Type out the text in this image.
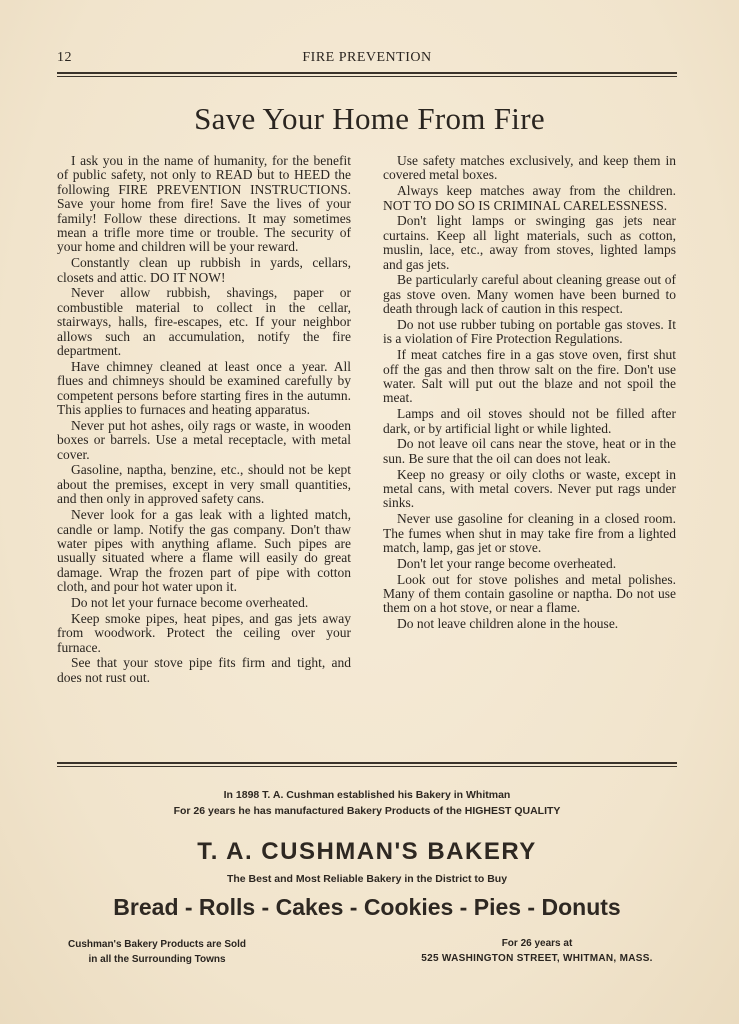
12	FIRE PREVENTION
Save Your Home From Fire

I ask you in the name of humanity, for the benefit of public safety, not only to READ but to HEED the following FIRE PREVENTION INSTRUCTIONS. Save your home from fire! Save the lives of your family! Follow these directions. It may sometimes mean a trifle more time or trouble. The security of your home and children will be your reward.

Constantly clean up rubbish in yards, cellars, closets and attic. DO IT NOW!

Never allow rubbish, shavings, paper or combustible material to collect in the cellar, stairways, halls, fire-escapes, etc. If your neighbor allows such an accumulation, notify the fire department.

Have chimney cleaned at least once a year. All flues and chimneys should be examined carefully by competent persons before starting fires in the autumn. This applies to furnaces and heating apparatus.

Never put hot ashes, oily rags or waste, in wooden boxes or barrels. Use a metal receptacle, with metal cover.

Gasoline, naptha, benzine, etc., should not be kept about the premises, except in very small quantities, and then only in approved safety cans.

Never look for a gas leak with a lighted match, candle or lamp. Notify the gas company. Don't thaw water pipes with anything aflame. Such pipes are usually situated where a flame will easily do great damage. Wrap the frozen part of pipe with cotton cloth, and pour hot water upon it.

Do not let your furnace become overheated.

Keep smoke pipes, heat pipes, and gas jets away from woodwork. Protect the ceiling over your furnace.

See that your stove pipe fits firm and tight, and does not rust out.

Use safety matches exclusively, and keep them in covered metal boxes.

Always keep matches away from the children. NOT TO DO SO IS CRIMINAL CARELESSNESS.

Don't light lamps or swinging gas jets near curtains. Keep all light materials, such as cotton, muslin, lace, etc., away from stoves, lighted lamps and gas jets.

Be particularly careful about cleaning grease out of gas stove oven. Many women have been burned to death through lack of caution in this respect.

Do not use rubber tubing on portable gas stoves. It is a violation of Fire Protection Regulations.

If meat catches fire in a gas stove oven, first shut off the gas and then throw salt on the fire. Don't use water. Salt will put out the blaze and not spoil the meat.

Lamps and oil stoves should not be filled after dark, or by artificial light or while lighted.

Do not leave oil cans near the stove, heat or in the sun. Be sure that the oil can does not leak.

Keep no greasy or oily cloths or waste, except in metal cans, with metal covers. Never put rags under sinks.

Never use gasoline for cleaning in a closed room. The fumes when shut in may take fire from a lighted match, lamp, gas jet or stove.

Don't let your range become overheated.

Look out for stove polishes and metal polishes. Many of them contain gasoline or naptha. Do not use them on a hot stove, or near a flame.

Do not leave children alone in the house.

In 1898 T. A. Cushman established his Bakery in Whitman
For 26 years he has manufactured Bakery Products of the HIGHEST QUALITY
T. A. CUSHMAN'S BAKERY
The Best and Most Reliable Bakery in the District to Buy
Bread - Rolls - Cakes - Cookies - Pies - Donuts
Cushman's Bakery Products are Sold
in all the Surrounding Towns
For 26 years at
525 WASHINGTON STREET, WHITMAN, MASS.
